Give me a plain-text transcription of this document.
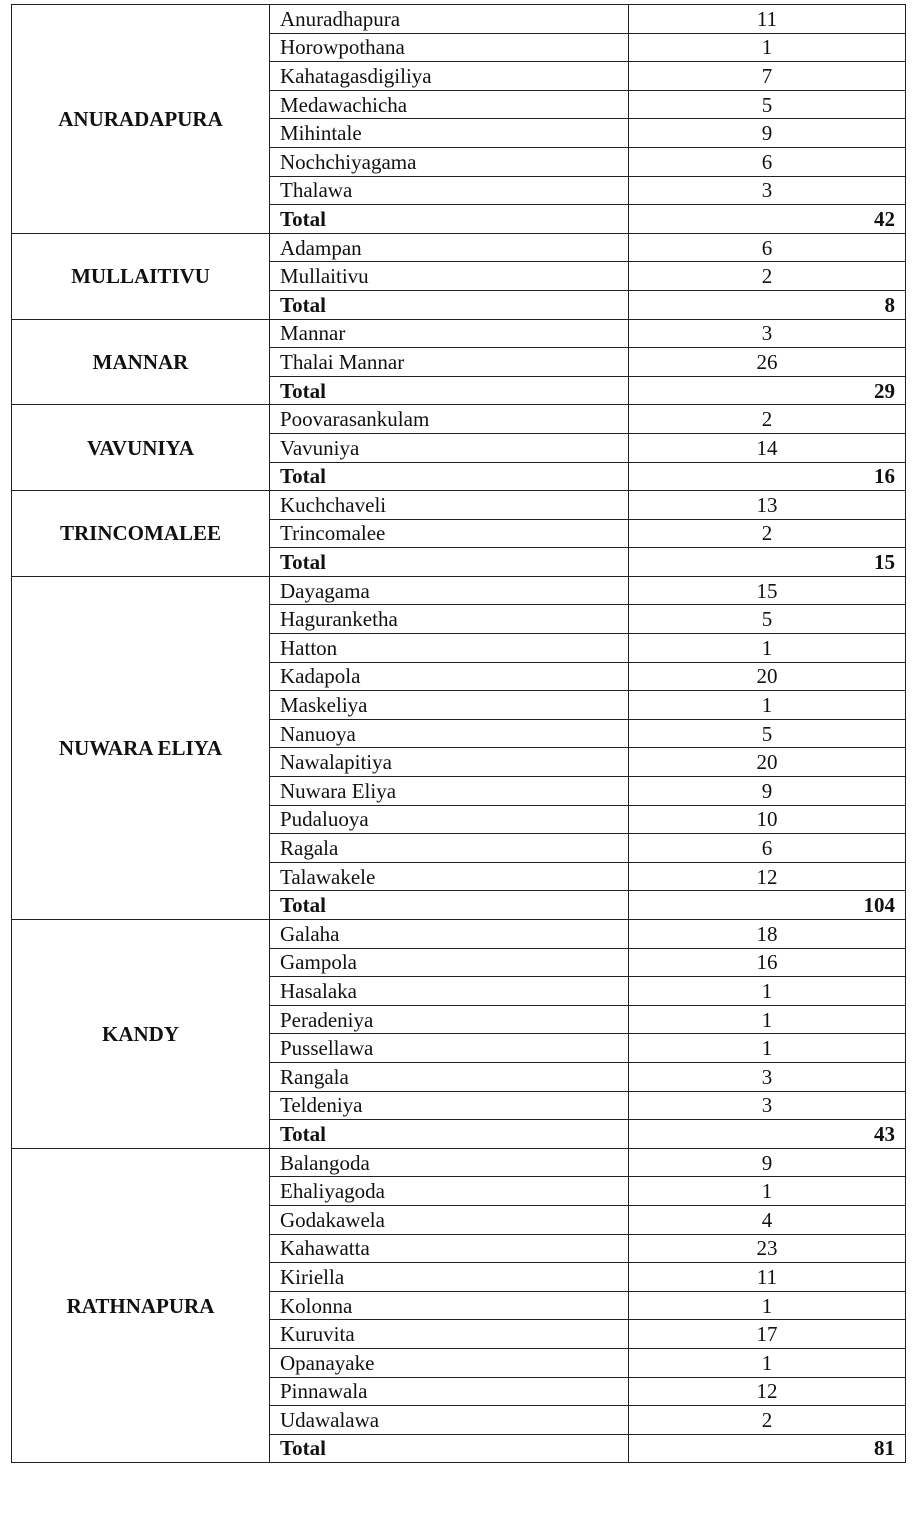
ANURADAPURA	Anuradhapura	11
	Horowpothana	1
	Kahatagasdigiliya	7
	Medawachicha	5
	Mihintale	9
	Nochchiyagama	6
	Thalawa	3
	Total	42
MULLAITIVU	Adampan	6
	Mullaitivu	2
	Total	8
MANNAR	Mannar	3
	Thalai Mannar	26
	Total	29
VAVUNIYA	Poovarasankulam	2
	Vavuniya	14
	Total	16
TRINCOMALEE	Kuchchaveli	13
	Trincomalee	2
	Total	15
NUWARA ELIYA	Dayagama	15
	Haguranketha	5
	Hatton	1
	Kadapola	20
	Maskeliya	1
	Nanuoya	5
	Nawalapitiya	20
	Nuwara Eliya	9
	Pudaluoya	10
	Ragala	6
	Talawakele	12
	Total	104
KANDY	Galaha	18
	Gampola	16
	Hasalaka	1
	Peradeniya	1
	Pussellawa	1
	Rangala	3
	Teldeniya	3
	Total	43
RATHNAPURA	Balangoda	9
	Ehaliyagoda	1
	Godakawela	4
	Kahawatta	23
	Kiriella	11
	Kolonna	1
	Kuruvita	17
	Opanayake	1
	Pinnawala	12
	Udawalawa	2
	Total	81
